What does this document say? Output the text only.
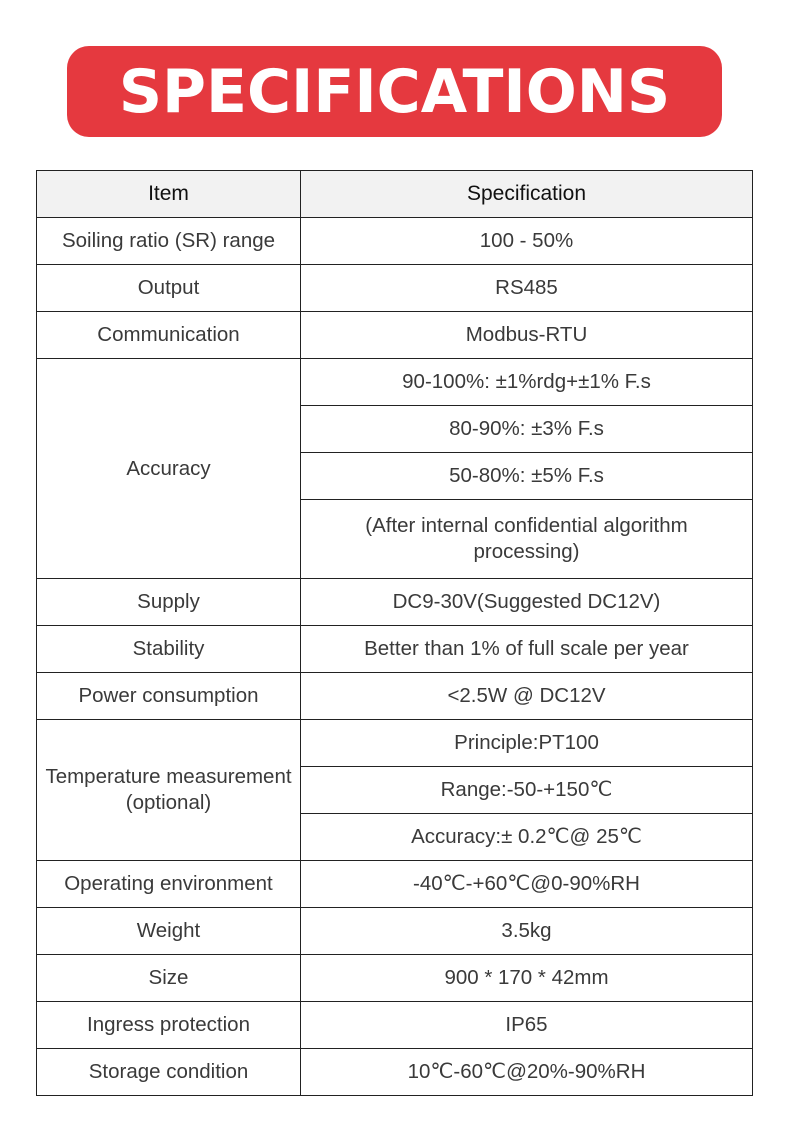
SPECIFICATIONS
Item	Specification
Soiling ratio (SR) range	100 - 50%
Output	RS485
Communication	Modbus-RTU
Accuracy	90-100%: ±1%rdg+±1% F.s
	80-90%: ±3% F.s
	50-80%: ±5% F.s
	(After internal confidential algorithm processing)
Supply	DC9-30V(Suggested DC12V)
Stability	Better than 1% of full scale per year
Power consumption	<2.5W @ DC12V
Temperature measurement (optional)	Principle:PT100
	Range:-50-+150℃
	Accuracy:± 0.2℃@ 25℃
Operating environment	-40℃-+60℃@0-90%RH
Weight	3.5kg
Size	900 * 170 * 42mm
Ingress protection	IP65
Storage condition	10℃-60℃@20%-90%RH
